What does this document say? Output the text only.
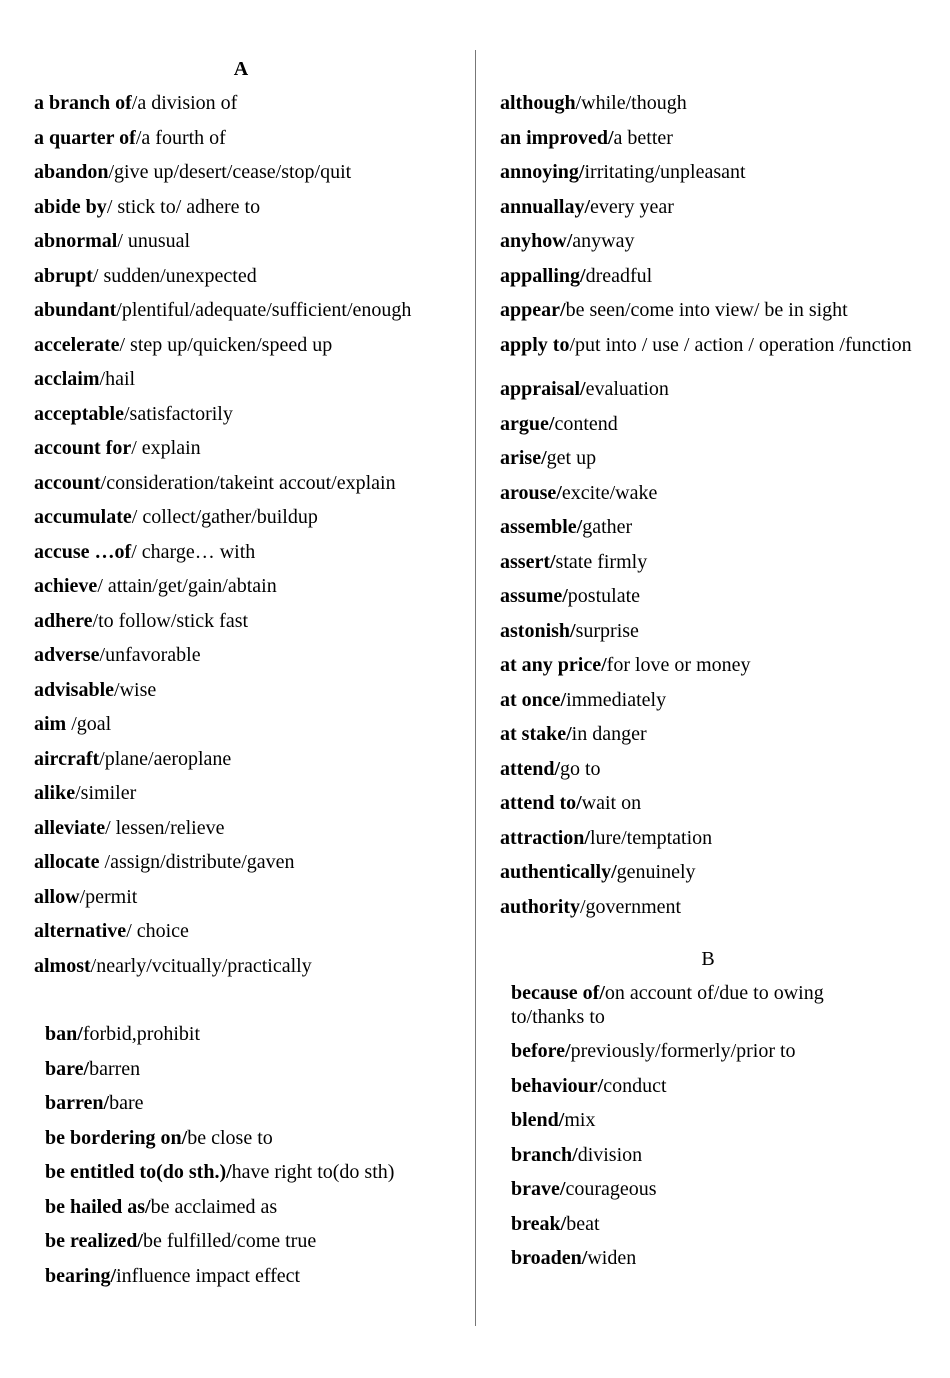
A
a branch of/a division of
a quarter of/a fourth of
abandon/give up/desert/cease/stop/quit
abide by/ stick to/ adhere to
abnormal/ unusual
abrupt/ sudden/unexpected
abundant/plentiful/adequate/sufficient/enough
accelerate/ step up/quicken/speed up
acclaim/hail
acceptable/satisfactorily
account for/ explain
account/consideration/takeint accout/explain
accumulate/ collect/gather/buildup
accuse …of/ charge… with
achieve/ attain/get/gain/abtain
adhere/to follow/stick fast
adverse/unfavorable
advisable/wise
aim /goal
aircraft/plane/aeroplane
alike/similer
alleviate/ lessen/relieve
allocate /assign/distribute/gaven
allow/permit
alternative/ choice
almost/nearly/vcitually/practically
ban/forbid,prohibit
bare/barren
barren/bare
be bordering on/be close to
be entitled to(do sth.)/have right to(do sth)
be hailed as/be acclaimed as
be realized/be fulfilled/come true
bearing/influence impact effect
although/while/though
an improved/a better
annoying/irritating/unpleasant
annuallay/every year
anyhow/anyway
appalling/dreadful
appear/be seen/come into view/ be in sight
apply to/put into / use / action / operation /function
appraisal/evaluation
argue/contend
arise/get up
arouse/excite/wake
assemble/gather
assert/state firmly
assume/postulate
astonish/surprise
at any price/for love or money
at once/immediately
at stake/in danger
attend/go to
attend to/wait on
attraction/lure/temptation
authentically/genuinely
authority/government
B
because of/on account of/due to owing to/thanks to
before/previously/formerly/prior to
behaviour/conduct
blend/mix
branch/division
brave/courageous
break/beat
broaden/widen
